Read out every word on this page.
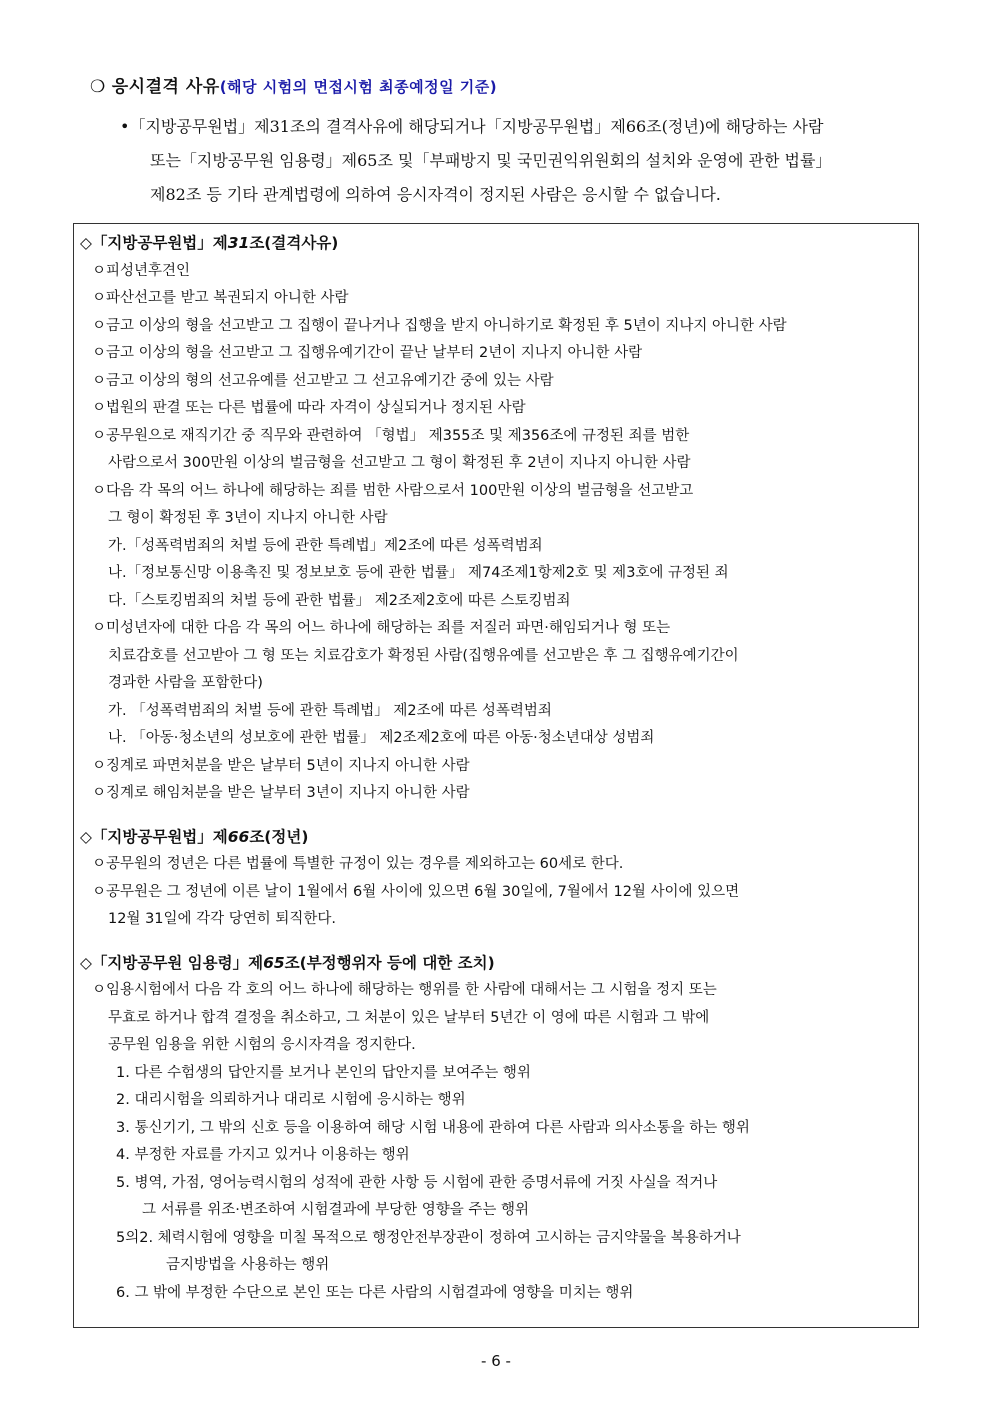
❍ 응시결격 사유(해당 시험의 면접시험 최종예정일 기준)
•「지방공무원법」제31조의 결격사유에 해당되거나「지방공무원법」제66조(정년)에 해당하는 사람
또는「지방공무원 임용령」제65조 및「부패방지 및 국민권익위원회의 설치와 운영에 관한 법률」
제82조 등 기타 관계법령에 의하여 응시자격이 정지된 사람은 응시할 수 없습니다.
◇「지방공무원법」제31조(결격사유)
ㅇ피성년후견인
ㅇ파산선고를 받고 복권되지 아니한 사람
ㅇ금고 이상의 형을 선고받고 그 집행이 끝나거나 집행을 받지 아니하기로 확정된 후 5년이 지나지 아니한 사람
ㅇ금고 이상의 형을 선고받고 그 집행유예기간이 끝난 날부터 2년이 지나지 아니한 사람
ㅇ금고 이상의 형의 선고유예를 선고받고 그 선고유예기간 중에 있는 사람
ㅇ법원의 판결 또는 다른 법률에 따라 자격이 상실되거나 정지된 사람
ㅇ공무원으로 재직기간 중 직무와 관련하여 「형법」 제355조 및 제356조에 규정된 죄를 범한
사람으로서 300만원 이상의 벌금형을 선고받고 그 형이 확정된 후 2년이 지나지 아니한 사람
ㅇ다음 각 목의 어느 하나에 해당하는 죄를 범한 사람으로서 100만원 이상의 벌금형을 선고받고
그 형이 확정된 후 3년이 지나지 아니한 사람
가.「성폭력범죄의 처벌 등에 관한 특례법」제2조에 따른 성폭력범죄
나.「정보통신망 이용촉진 및 정보보호 등에 관한 법률」 제74조제1항제2호 및 제3호에 규정된 죄
다.「스토킹범죄의 처벌 등에 관한 법률」 제2조제2호에 따른 스토킹범죄
ㅇ미성년자에 대한 다음 각 목의 어느 하나에 해당하는 죄를 저질러 파면·해임되거나 형 또는
치료감호를 선고받아 그 형 또는 치료감호가 확정된 사람(집행유예를 선고받은 후 그 집행유예기간이
경과한 사람을 포함한다)
가. 「성폭력범죄의 처벌 등에 관한 특례법」 제2조에 따른 성폭력범죄
나. 「아동·청소년의 성보호에 관한 법률」 제2조제2호에 따른 아동·청소년대상 성범죄
ㅇ징계로 파면처분을 받은 날부터 5년이 지나지 아니한 사람
ㅇ징계로 해임처분을 받은 날부터 3년이 지나지 아니한 사람
◇「지방공무원법」제66조(정년)
ㅇ공무원의 정년은 다른 법률에 특별한 규정이 있는 경우를 제외하고는 60세로 한다.
ㅇ공무원은 그 정년에 이른 날이 1월에서 6월 사이에 있으면 6월 30일에, 7월에서 12월 사이에 있으면
12월 31일에 각각 당연히 퇴직한다.
◇「지방공무원 임용령」제65조(부정행위자 등에 대한 조치)
ㅇ임용시험에서 다음 각 호의 어느 하나에 해당하는 행위를 한 사람에 대해서는 그 시험을 정지 또는
무효로 하거나 합격 결정을 취소하고, 그 처분이 있은 날부터 5년간 이 영에 따른 시험과 그 밖에
공무원 임용을 위한 시험의 응시자격을 정지한다.
1. 다른 수험생의 답안지를 보거나 본인의 답안지를 보여주는 행위
2. 대리시험을 의뢰하거나 대리로 시험에 응시하는 행위
3. 통신기기, 그 밖의 신호 등을 이용하여 해당 시험 내용에 관하여 다른 사람과 의사소통을 하는 행위
4. 부정한 자료를 가지고 있거나 이용하는 행위
5. 병역, 가점, 영어능력시험의 성적에 관한 사항 등 시험에 관한 증명서류에 거짓 사실을 적거나
그 서류를 위조·변조하여 시험결과에 부당한 영향을 주는 행위
5의2. 체력시험에 영향을 미칠 목적으로 행정안전부장관이 정하여 고시하는 금지약물을 복용하거나
금지방법을 사용하는 행위
6. 그 밖에 부정한 수단으로 본인 또는 다른 사람의 시험결과에 영향을 미치는 행위
- 6 -
